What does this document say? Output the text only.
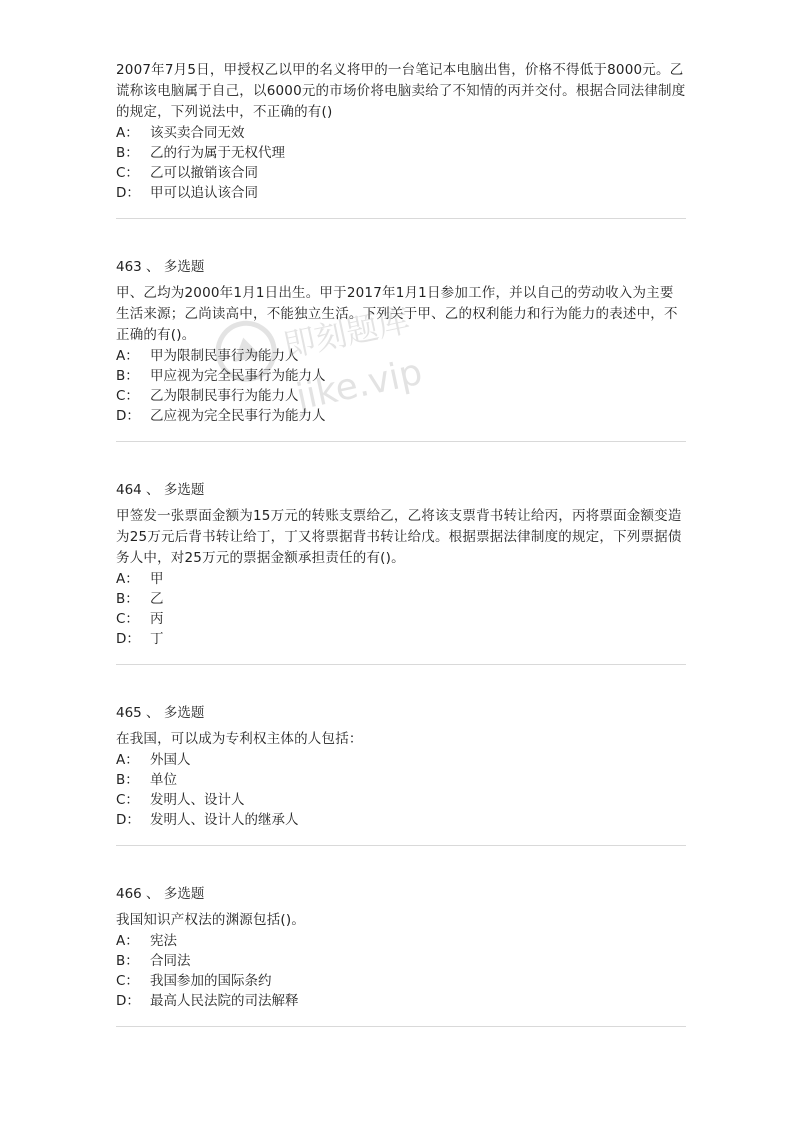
2007年7月5日，甲授权乙以甲的名义将甲的一台笔记本电脑出售，价格不得低于8000元。乙谎称该电脑属于自己，以6000元的市场价将电脑卖给了不知情的丙并交付。根据合同法律制度的规定，下列说法中，不正确的有()
A： 该买卖合同无效
B： 乙的行为属于无权代理
C： 乙可以撤销该合同
D： 甲可以追认该合同
463 、 多选题
甲、乙均为2000年1月1日出生。甲于2017年1月1日参加工作，并以自己的劳动收入为主要生活来源；乙尚读高中，不能独立生活。下列关于甲、乙的权利能力和行为能力的表述中，不正确的有()。
A： 甲为限制民事行为能力人
B： 甲应视为完全民事行为能力人
C： 乙为限制民事行为能力人
D： 乙应视为完全民事行为能力人
464 、 多选题
甲签发一张票面金额为15万元的转账支票给乙，乙将该支票背书转让给丙，丙将票面金额变造为25万元后背书转让给丁，丁又将票据背书转让给戊。根据票据法律制度的规定，下列票据债务人中，对25万元的票据金额承担责任的有()。
A： 甲
B： 乙
C： 丙
D： 丁
465 、 多选题
在我国，可以成为专利权主体的人包括：
A： 外国人
B： 单位
C： 发明人、设计人
D： 发明人、设计人的继承人
466 、 多选题
我国知识产权法的渊源包括()。
A： 宪法
B： 合同法
C： 我国参加的国际条约
D： 最高人民法院的司法解释
即刻题库
jike.vip
